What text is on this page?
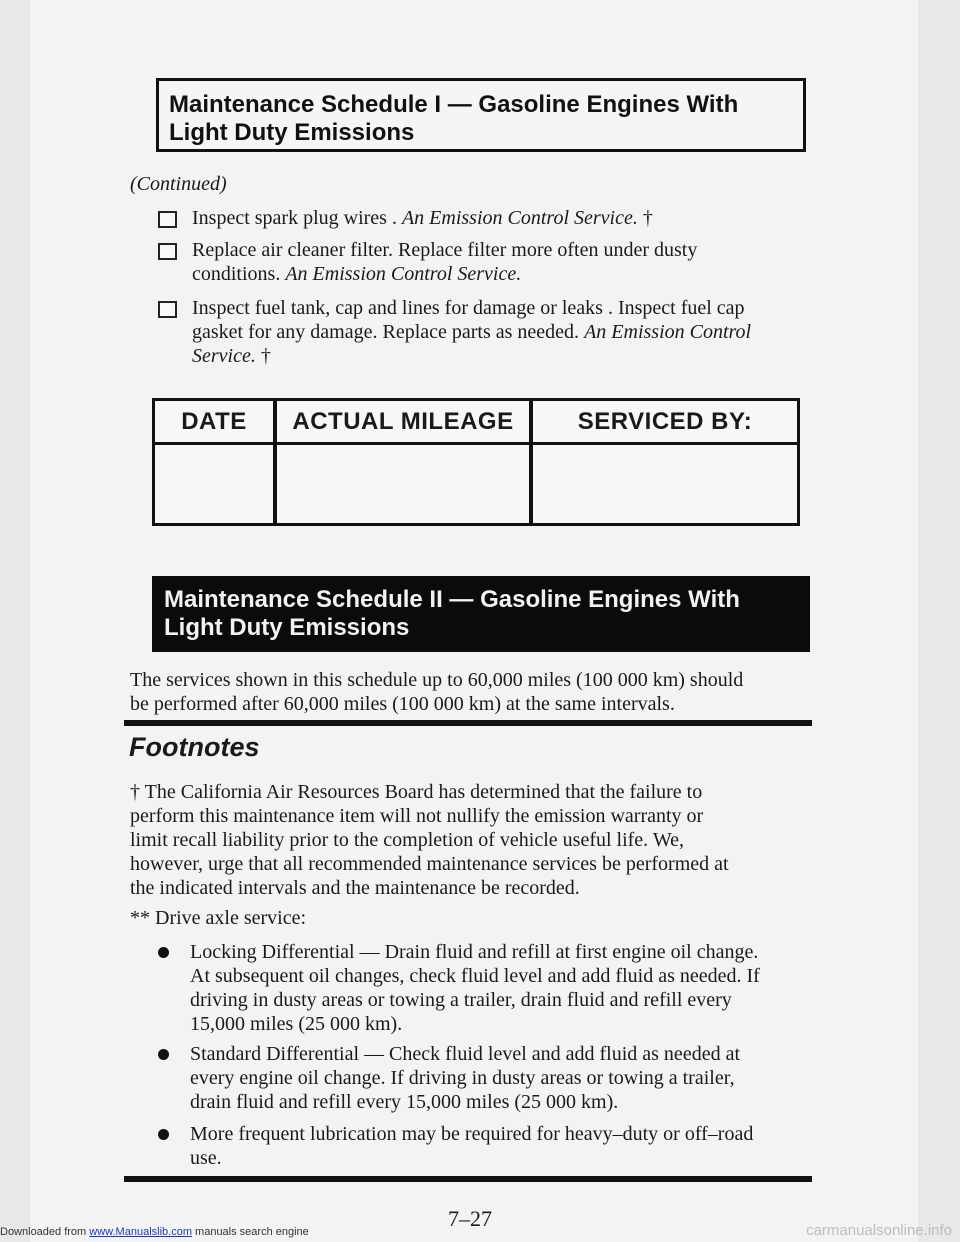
Maintenance Schedule I — Gasoline Engines With
Light Duty Emissions
(Continued)
Inspect spark plug wires . An Emission Control Service. †
Replace air cleaner filter. Replace filter more often under dusty
conditions. An Emission Control Service.
Inspect fuel tank, cap and lines for damage or leaks . Inspect fuel cap
gasket for any damage. Replace parts as needed. An Emission Control
Service. †
DATE	ACTUAL MILEAGE	SERVICED BY:
Maintenance Schedule II — Gasoline Engines With
Light Duty Emissions
The services shown in this schedule up to 60,000 miles (100 000 km) should
be performed after 60,000 miles (100 000 km) at the same intervals.
Footnotes
† The California Air Resources Board has determined that the failure to
perform this maintenance item will not nullify the emission warranty or
limit recall liability prior to the completion of vehicle useful life. We,
however, urge that all recommended maintenance services be performed at
the indicated intervals and the maintenance be recorded.
** Drive axle service:
Locking Differential — Drain fluid and refill at first engine oil change.
At subsequent oil changes, check fluid level and add fluid as needed. If
driving in dusty areas or towing a trailer, drain fluid and refill every
15,000 miles (25 000 km).
Standard Differential — Check fluid level and add fluid as needed at
every engine oil change. If driving in dusty areas or towing a trailer,
drain fluid and refill every 15,000 miles (25 000 km).
More frequent lubrication may be required for heavy–duty or off–road
use.
7–27
Downloaded from www.Manualslib.com manuals search engine	carmanualsonline.info
